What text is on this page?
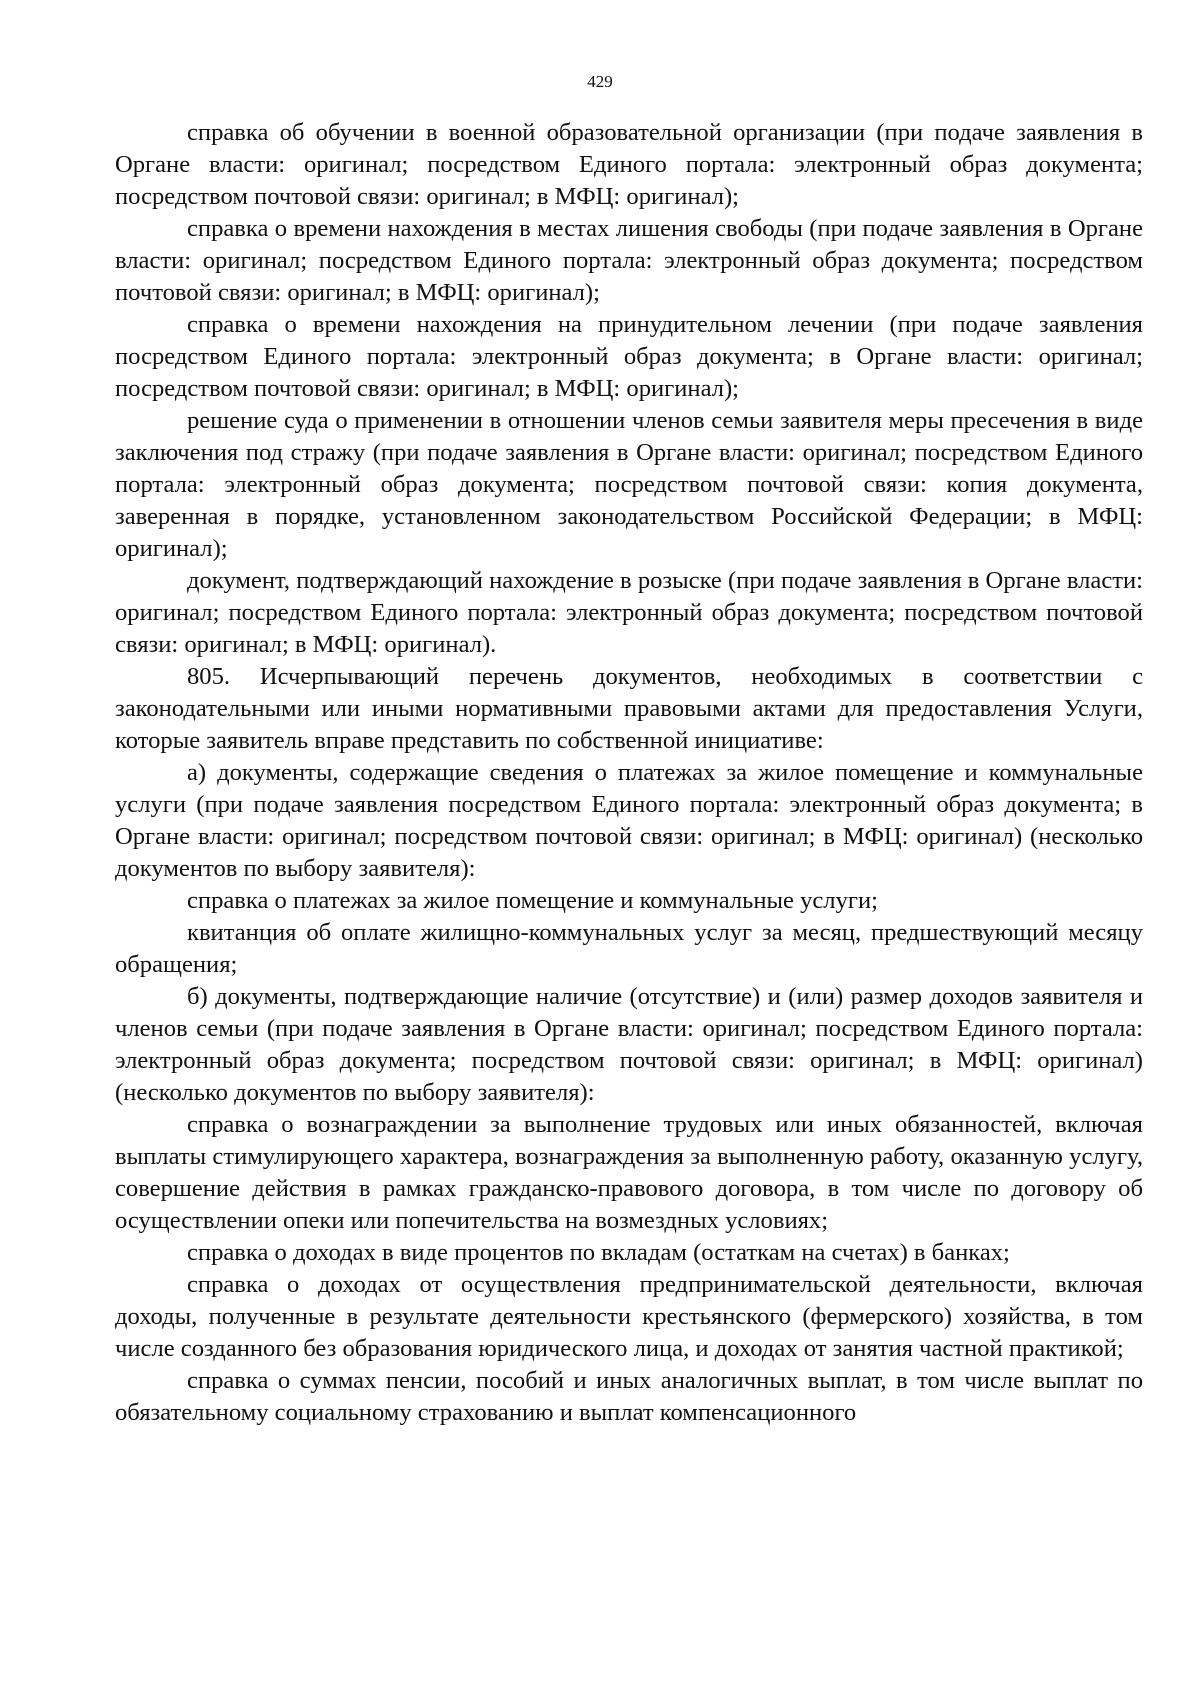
429

справка об обучении в военной образовательной организации (при подаче заявления в Органе власти: оригинал; посредством Единого портала: электронный образ документа; посредством почтовой связи: оригинал; в МФЦ: оригинал);

справка о времени нахождения в местах лишения свободы (при подаче заявления в Органе власти: оригинал; посредством Единого портала: электронный образ документа; посредством почтовой связи: оригинал; в МФЦ: оригинал);

справка о времени нахождения на принудительном лечении (при подаче заявления посредством Единого портала: электронный образ документа; в Органе власти: оригинал; посредством почтовой связи: оригинал; в МФЦ: оригинал);

решение суда о применении в отношении членов семьи заявителя меры пресечения в виде заключения под стражу (при подаче заявления в Органе власти: оригинал; посредством Единого портала: электронный образ документа; посредством почтовой связи: копия документа, заверенная в порядке, установленном законодательством Российской Федерации; в МФЦ: оригинал);

документ, подтверждающий нахождение в розыске (при подаче заявления в Органе власти: оригинал; посредством Единого портала: электронный образ документа; посредством почтовой связи: оригинал; в МФЦ: оригинал).

805. Исчерпывающий перечень документов, необходимых в соответствии с законодательными или иными нормативными правовыми актами для предоставления Услуги, которые заявитель вправе представить по собственной инициативе:

а) документы, содержащие сведения о платежах за жилое помещение и коммунальные услуги (при подаче заявления посредством Единого портала: электронный образ документа; в Органе власти: оригинал; посредством почтовой связи: оригинал; в МФЦ: оригинал) (несколько документов по выбору заявителя):

справка о платежах за жилое помещение и коммунальные услуги;

квитанция об оплате жилищно-коммунальных услуг за месяц, предшествующий месяцу обращения;

б) документы, подтверждающие наличие (отсутствие) и (или) размер доходов заявителя и членов семьи (при подаче заявления в Органе власти: оригинал; посредством Единого портала: электронный образ документа; посредством почтовой связи: оригинал; в МФЦ: оригинал) (несколько документов по выбору заявителя):

справка о вознаграждении за выполнение трудовых или иных обязанностей, включая выплаты стимулирующего характера, вознаграждения за выполненную работу, оказанную услугу, совершение действия в рамках гражданско-правового договора, в том числе по договору об осуществлении опеки или попечительства на возмездных условиях;

справка о доходах в виде процентов по вкладам (остаткам на счетах) в банках;

справка о доходах от осуществления предпринимательской деятельности, включая доходы, полученные в результате деятельности крестьянского (фермерского) хозяйства, в том числе созданного без образования юридического лица, и доходах от занятия частной практикой;

справка о суммах пенсии, пособий и иных аналогичных выплат, в том числе выплат по обязательному социальному страхованию и выплат компенсационного
